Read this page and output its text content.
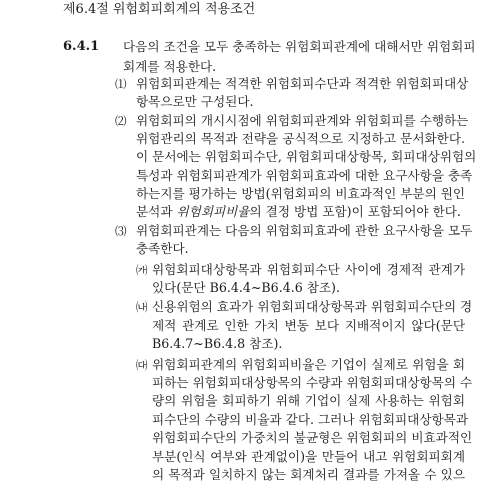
제6.4절 위험회피회계의 적용조건
6.4.1 다음의 조건을 모두 충족하는 위험회피관계에 대해서만 위험회피
회계를 적용한다.
⑴ 위험회피관계는 적격한 위험회피수단과 적격한 위험회피대상
항목으로만 구성된다.
⑵ 위험회피의 개시시점에 위험회피관계와 위험회피를 수행하는
위험관리의 목적과 전략을 공식적으로 지정하고 문서화한다.
이 문서에는 위험회피수단, 위험회피대상항목, 회피대상위험의
특성과 위험회피관계가 위험회피효과에 대한 요구사항을 충족
하는지를 평가하는 방법(위험회피의 비효과적인 부분의 원인
분석과 위험회피비율의 결정 방법 포함)이 포함되어야 한다.
⑶ 위험회피관계는 다음의 위험회피효과에 관한 요구사항을 모두
충족한다.
㈎ 위험회피대상항목과 위험회피수단 사이에 경제적 관계가
있다(문단 B6.4.4~B6.4.6 참조).
㈏ 신용위험의 효과가 위험회피대상항목과 위험회피수단의 경
제적 관계로 인한 가치 변동 보다 지배적이지 않다(문단
B6.4.7~B6.4.8 참조).
㈐ 위험회피관계의 위험회피비율은 기업이 실제로 위험을 회
피하는 위험회피대상항목의 수량과 위험회피대상항목의 수
량의 위험을 회피하기 위해 기업이 실제 사용하는 위험회
피수단의 수량의 비율과 같다. 그러나 위험회피대상항목과
위험회피수단의 가중치의 불균형은 위험회피의 비효과적인
부분(인식 여부와 관계없이)을 만들어 내고 위험회피회계
의 목적과 일치하지 않는 회계처리 결과를 가져올 수 있으
